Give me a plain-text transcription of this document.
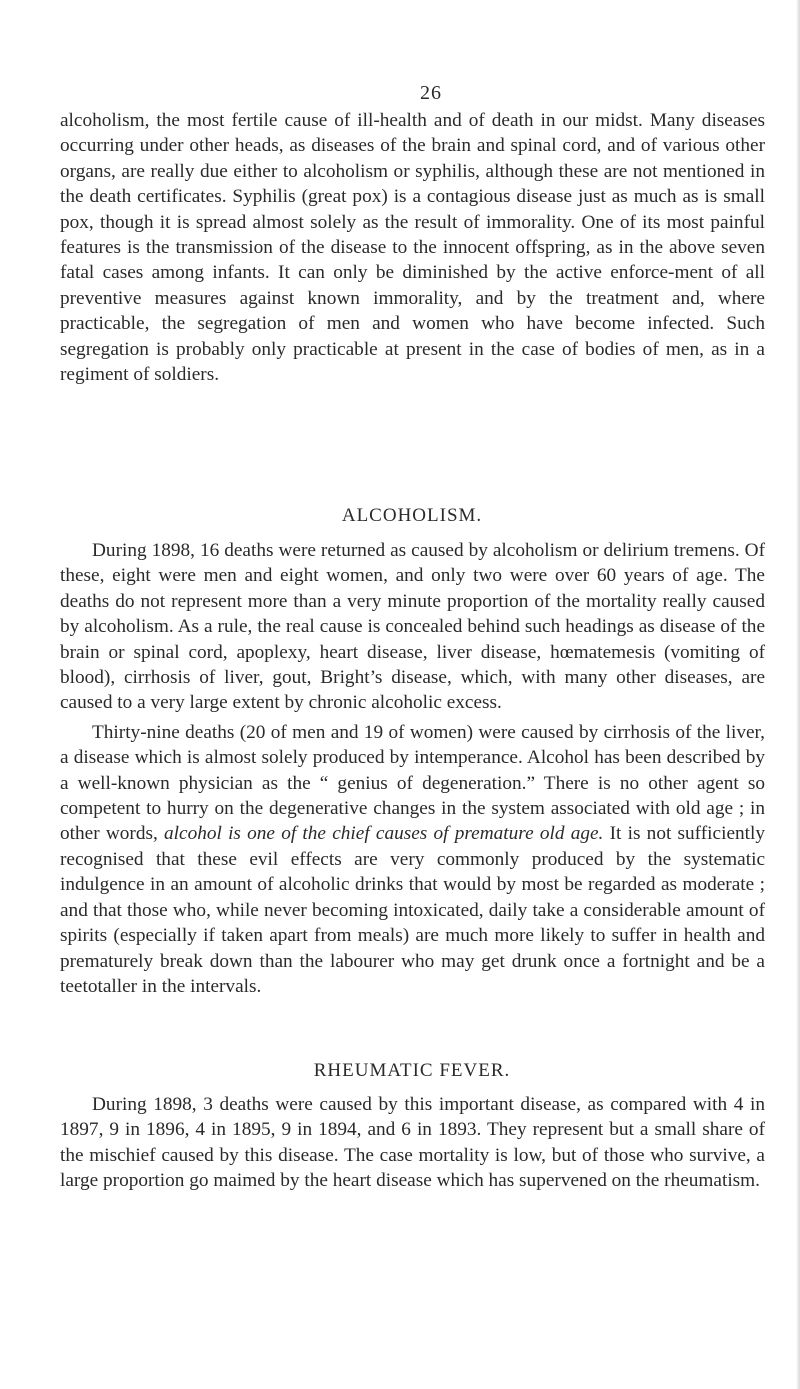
26

alcoholism, the most fertile cause of ill-health and of death in our midst. Many diseases occurring under other heads, as diseases of the brain and spinal cord, and of various other organs, are really due either to alcoholism or syphilis, although these are not mentioned in the death certificates. Syphilis (great pox) is a contagious disease just as much as is small pox, though it is spread almost solely as the result of immorality. One of its most painful features is the transmission of the disease to the innocent offspring, as in the above seven fatal cases among infants. It can only be diminished by the active enforce-ment of all preventive measures against known immorality, and by the treatment and, where practicable, the segregation of men and women who have become infected. Such segregation is probably only practicable at present in the case of bodies of men, as in a regiment of soldiers.

ALCOHOLISM.

During 1898, 16 deaths were returned as caused by alcoholism or delirium tremens. Of these, eight were men and eight women, and only two were over 60 years of age. The deaths do not represent more than a very minute proportion of the mortality really caused by alcoholism. As a rule, the real cause is concealed behind such headings as disease of the brain or spinal cord, apoplexy, heart disease, liver disease, hœmatemesis (vomiting of blood), cirrhosis of liver, gout, Bright’s disease, which, with many other diseases, are caused to a very large extent by chronic alcoholic excess.

Thirty-nine deaths (20 of men and 19 of women) were caused by cirrhosis of the liver, a disease which is almost solely produced by intemperance. Alcohol has been described by a well-known physician as the “ genius of degeneration.” There is no other agent so competent to hurry on the degenerative changes in the system associated with old age ; in other words, alcohol is one of the chief causes of premature old age. It is not sufficiently recognised that these evil effects are very commonly produced by the systematic indulgence in an amount of alcoholic drinks that would by most be regarded as moderate ; and that those who, while never becoming intoxicated, daily take a considerable amount of spirits (especially if taken apart from meals) are much more likely to suffer in health and prematurely break down than the labourer who may get drunk once a fortnight and be a teetotaller in the intervals.

RHEUMATIC FEVER.

During 1898, 3 deaths were caused by this important disease, as compared with 4 in 1897, 9 in 1896, 4 in 1895, 9 in 1894, and 6 in 1893. They represent but a small share of the mischief caused by this disease. The case mortality is low, but of those who survive, a large proportion go maimed by the heart disease which has supervened on the rheumatism.
